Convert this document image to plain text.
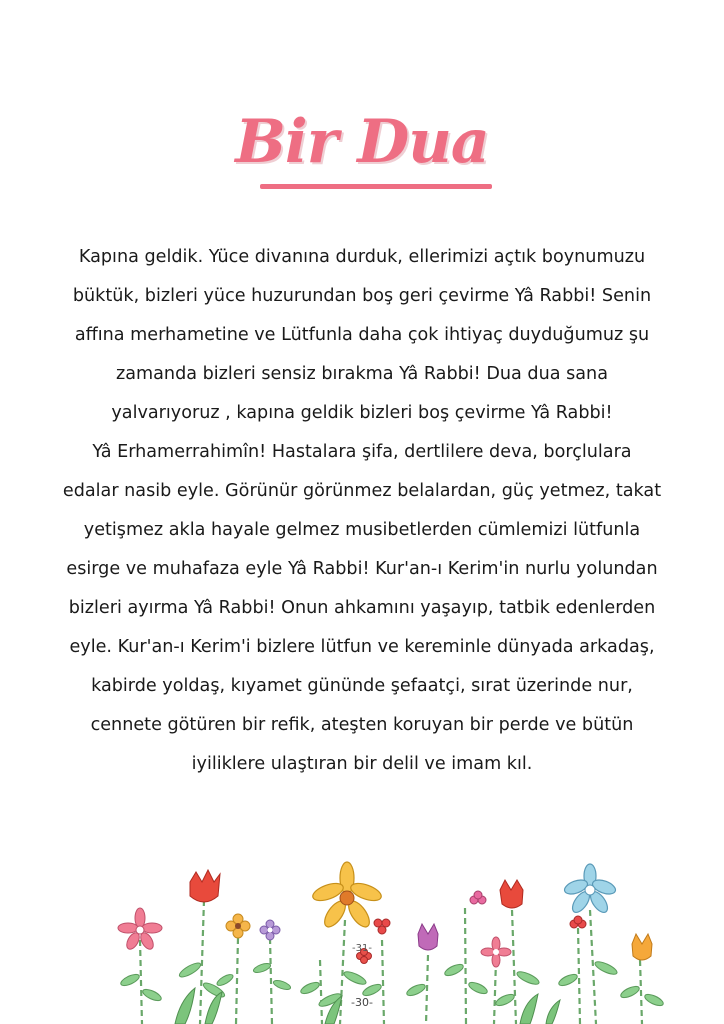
Bir Dua
Kapına geldik. Yüce divanına durduk, ellerimizi açtık boynumuzu
büktük, bizleri yüce huzurundan boş geri çevirme Yâ Rabbi! Senin
affına merhametine ve Lütfunla daha çok ihtiyaç duyduğumuz şu
zamanda bizleri sensiz bırakma Yâ Rabbi! Dua dua sana
yalvarıyoruz , kapına geldik bizleri boş çevirme Yâ Rabbi!
Yâ Erhamerrahimîn! Hastalara şifa, dertlilere deva, borçlulara
edalar nasib eyle. Görünür görünmez belalardan, güç yetmez, takat
yetişmez akla hayale gelmez musibetlerden cümlemizi lütfunla
esirge ve muhafaza eyle Yâ Rabbi! Kur'an-ı Kerim'in nurlu yolundan
bizleri ayırma Yâ Rabbi! Onun ahkamını yaşayıp, tatbik edenlerden
eyle. Kur'an-ı Kerim'i bizlere lütfun ve kereminle dünyada arkadaş,
kabirde yoldaş, kıyamet gününde şefaatçi, sırat üzerinde nur,
cennete götüren bir refik, ateşten koruyan bir perde ve bütün
iyiliklere ulaştıran bir delil ve imam kıl.
-31-
-30-
